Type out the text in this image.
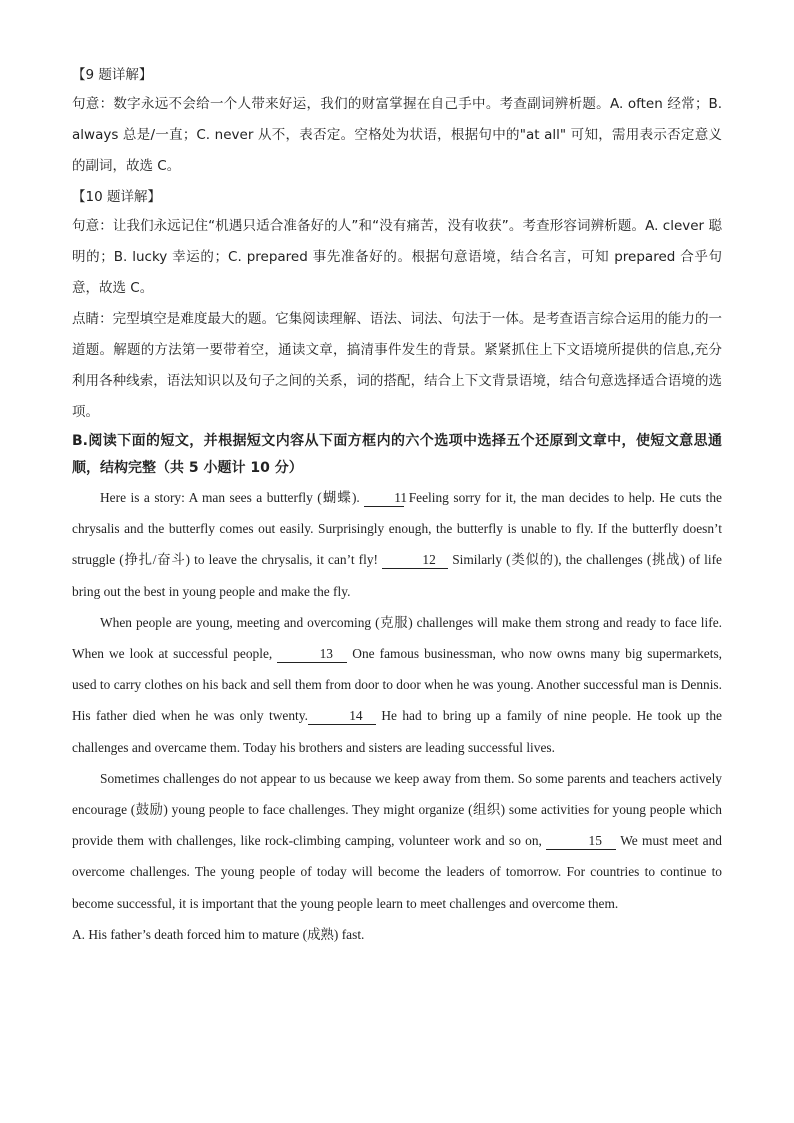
【9 题详解】

句意：数字永远不会给一个人带来好运，我们的财富掌握在自己手中。考查副词辨析题。A. often 经常；B. always 总是/一直；C. never 从不，表否定。空格处为状语，根据句中的"at all" 可知，需用表示否定意义的副词，故选 C。

【10 题详解】

句意：让我们永远记住“机遇只适合准备好的人”和“没有痛苦，没有收获”。考查形容词辨析题。A. clever 聪明的；B. lucky 幸运的；C. prepared 事先准备好的。根据句意语境，结合名言，可知 prepared 合乎句意，故选 C。

点睛：完型填空是难度最大的题。它集阅读理解、语法、词法、句法于一体。是考查语言综合运用的能力的一道题。解题的方法第一要带着空，通读文章，搞清事件发生的背景。紧紧抓住上下文语境所提供的信息,充分利用各种线索，语法知识以及句子之间的关系，词的搭配，结合上下文背景语境，结合句意选择适合语境的选项。

B.阅读下面的短文，并根据短文内容从下面方框内的六个选项中选择五个还原到文章中，使短文意思通顺，结构完整（共 5 小题计 10 分）

Here is a story: A man sees a butterfly (蝴蝶). 11 Feeling sorry for it, the man decides to help. He cuts the chrysalis and the butterfly comes out easily. Surprisingly enough, the butterfly is unable to fly. If the butterfly doesn’t struggle (挣扎/奋斗) to leave the chrysalis, it can’t fly!	12 Similarly (类似的), the challenges (挑战) of life bring out the best in young people and make the fly.

When people are young, meeting and overcoming (克服) challenges will make them strong and ready to face life. When we look at successful people,	13 One famous businessman, who now owns many big supermarkets, used to carry clothes on his back and sell them from door to door when he was young. Another successful man is Dennis. His father died when he was only twenty.	14 He had to bring up a family of nine people. He took up the challenges and overcame them. Today his brothers and sisters are leading successful lives.

Sometimes challenges do not appear to us because we keep away from them. So some parents and teachers actively encourage (鼓励) young people to face challenges. They might organize (组织) some activities for young people which provide them with challenges, like rock-climbing camping, volunteer work and so on,	15 We must meet and overcome challenges. The young people of today will become the leaders of tomorrow. For countries to continue to become successful, it is important that the young people learn to meet challenges and overcome them.

A. His father’s death forced him to mature (成熟) fast.
